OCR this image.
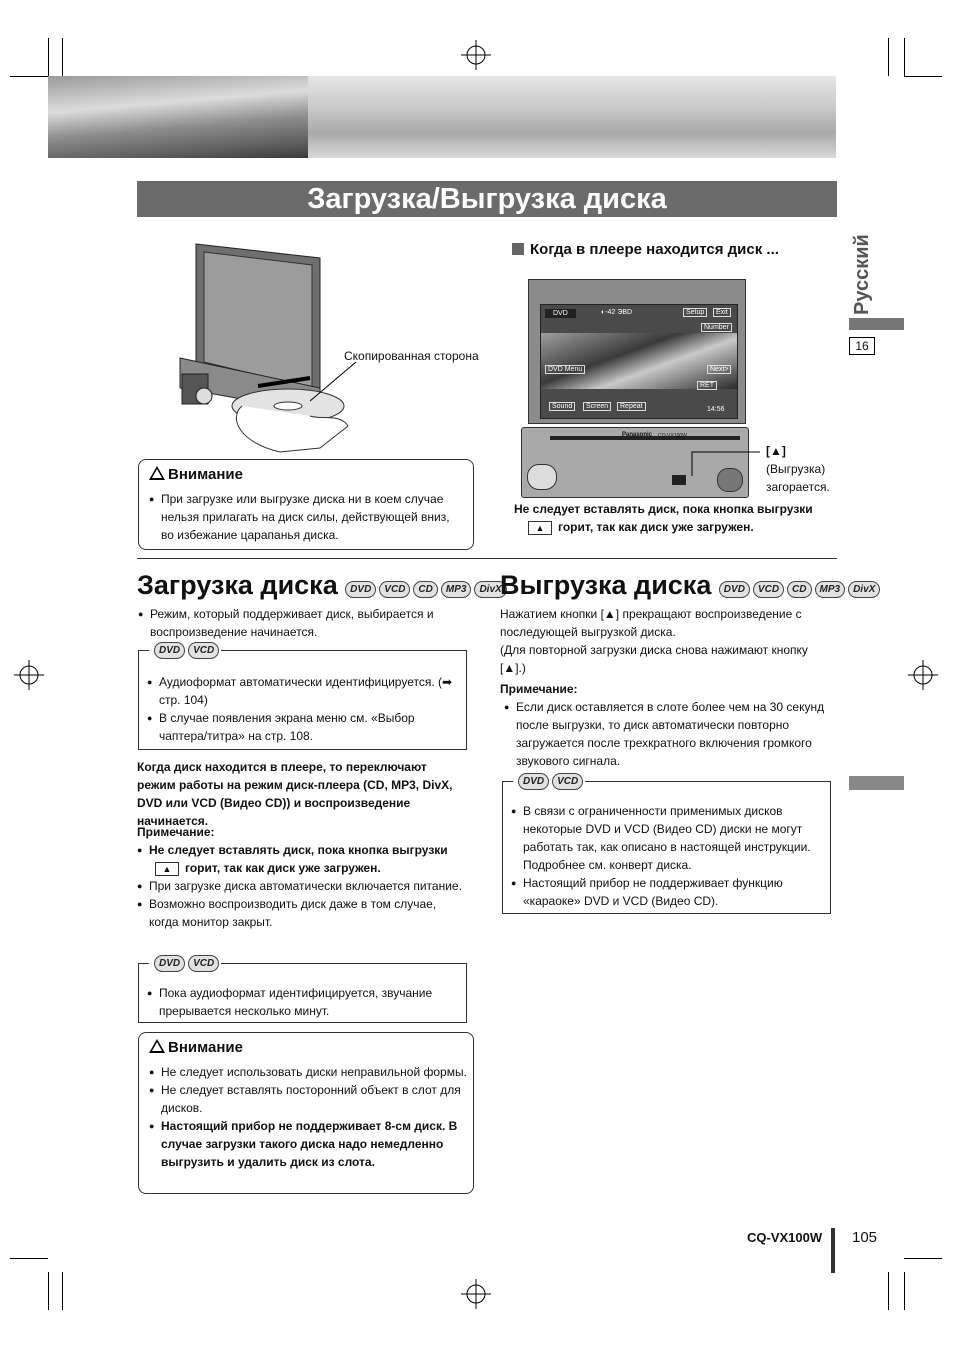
Загрузка/Выгрузка диска
Русский
16
Скопированная сторона
Внимание

● При загрузке или выгрузке диска ни в коем случае нельзя прилагать на диск силы, действующей вниз, во избежание царапанья диска.

Когда в плеере находится диск ...
DVD	◐-42 ЭВD	Setup	Exit
Number
DVD Menu	Next>
RET
Sound	Screen	Repeat	14:56
Panasonic CQ-VX100W

[▲]

(Выгрузка) загорается.

Не следует вставлять диск, пока кнопка выгрузки

▲ горит, так как диск уже загружен.

Загрузка диска DVD VCD CD MP3 DivX

● Режим, который поддерживает диск, выбирается и воспроизведение начинается.

DVD VCD

● Аудиоформат автоматически идентифицируется. (➡ стр. 104)

● В случае появления экрана меню см. «Выбор чаптера/титра» на стр. 108.

Когда диск находится в плеере, то переключают режим работы на режим диск-плеера (CD, MP3, DivX, DVD или VCD (Видео CD)) и воспроизведение начинается.

Примечание:

● Не следует вставлять диск, пока кнопка выгрузки

▲ горит, так как диск уже загружен.

● При загрузке диска автоматически включается питание.

● Возможно воспроизводить диск даже в том случае, когда монитор закрыт.

DVD VCD

● Пока аудиоформат идентифицируется, звучание прерывается несколько минут.

Внимание

● Не следует использовать диски неправильной формы.

● Не следует вставлять посторонний объект в слот для дисков.

● Настоящий прибор не поддерживает 8-см диск. В случае загрузки такого диска надо немедленно выгрузить и удалить диск из слота.

Выгрузка диска DVD VCD CD MP3 DivX

Нажатием кнопки [▲] прекращают воспроизведение с последующей выгрузкой диска.

(Для повторной загрузки диска снова нажимают кнопку [▲].)

Примечание:

● Если диск оставляется в слоте более чем на 30 секунд после выгрузки, то диск автоматически повторно загружается после трехкратного включения громкого звукового сигнала.

DVD VCD

● В связи с ограниченности применимых дисков некоторые DVD и VCD (Видео CD) диски не могут работать так, как описано в настоящей инструкции. Подробнее см. конверт диска.

● Настоящий прибор не поддерживает функцию «караоке» DVD и VCD (Видео CD).

CQ-VX100W 105
